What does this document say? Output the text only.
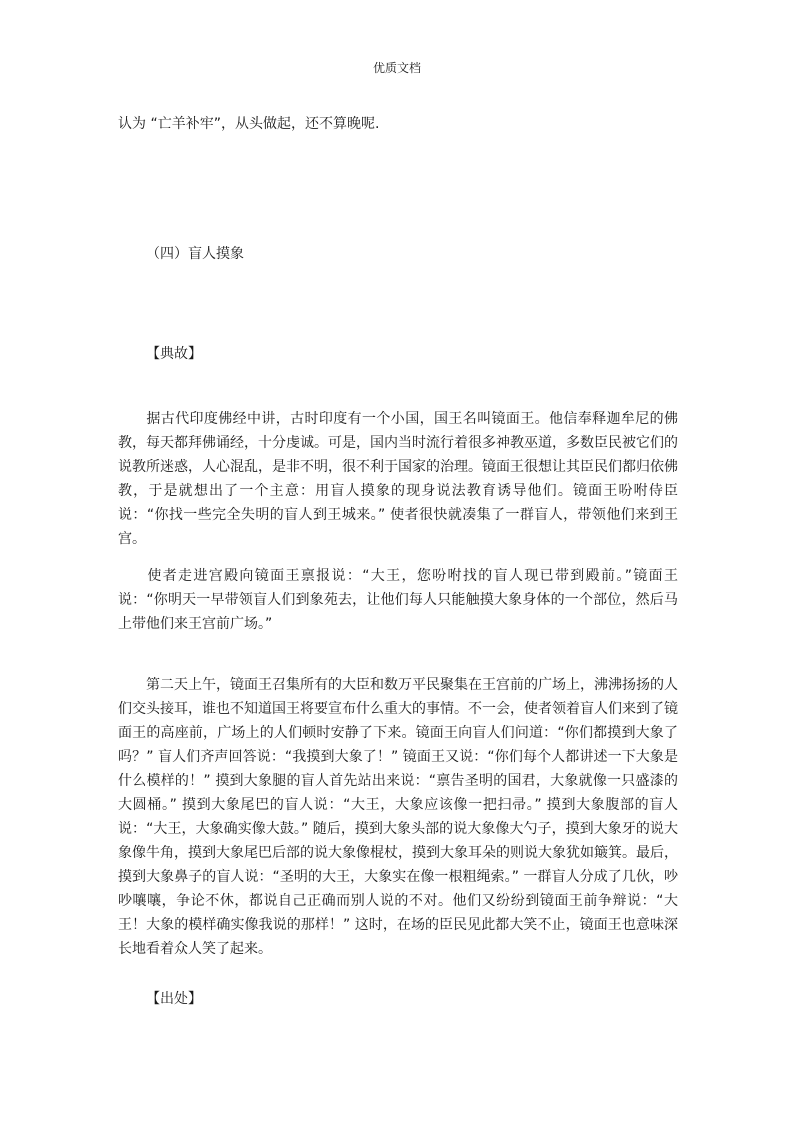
优质文档
认为 “亡羊补牢”，从头做起，还不算晚呢.
（四）盲人摸象
【典故】
据古代印度佛经中讲，古时印度有一个小国，国王名叫镜面王。他信奉释迦牟尼的佛教，每天都拜佛诵经，十分虔诚。可是，国内当时流行着很多神教巫道，多数臣民被它们的说教所迷惑，人心混乱，是非不明，很不利于国家的治理。镜面王很想让其臣民们都归依佛教，于是就想出了一个主意：用盲人摸象的现身说法教育诱导他们。镜面王吩咐侍臣说：“你找一些完全失明的盲人到王城来。” 使者很快就凑集了一群盲人，带领他们来到王宫。
使者走进宫殿向镜面王禀报说：“大王，您吩咐找的盲人现已带到殿前。”镜面王说：“你明天一早带领盲人们到象苑去，让他们每人只能触摸大象身体的一个部位，然后马上带他们来王宫前广场。”
第二天上午，镜面王召集所有的大臣和数万平民聚集在王宫前的广场上，沸沸扬扬的人们交头接耳，谁也不知道国王将要宣布什么重大的事情。不一会，使者领着盲人们来到了镜面王的高座前，广场上的人们顿时安静了下来。镜面王向盲人们问道：“你们都摸到大象了吗？” 盲人们齐声回答说：“我摸到大象了！” 镜面王又说：“你们每个人都讲述一下大象是什么模样的！” 摸到大象腿的盲人首先站出来说：“禀告圣明的国君，大象就像一只盛漆的大圆桶。” 摸到大象尾巴的盲人说：“大王，大象应该像一把扫帚。” 摸到大象腹部的盲人说：“大王，大象确实像大鼓。” 随后，摸到大象头部的说大象像大勺子，摸到大象牙的说大象像牛角，摸到大象尾巴后部的说大象像棍杖，摸到大象耳朵的则说大象犹如簸箕。最后，摸到大象鼻子的盲人说：“圣明的大王，大象实在像一根粗绳索。” 一群盲人分成了几伙，吵吵嚷嚷，争论不休，都说自己正确而别人说的不对。他们又纷纷到镜面王前争辩说：“大王！大象的模样确实像我说的那样！” 这时，在场的臣民见此都大笑不止，镜面王也意味深长地看着众人笑了起来。
【出处】
